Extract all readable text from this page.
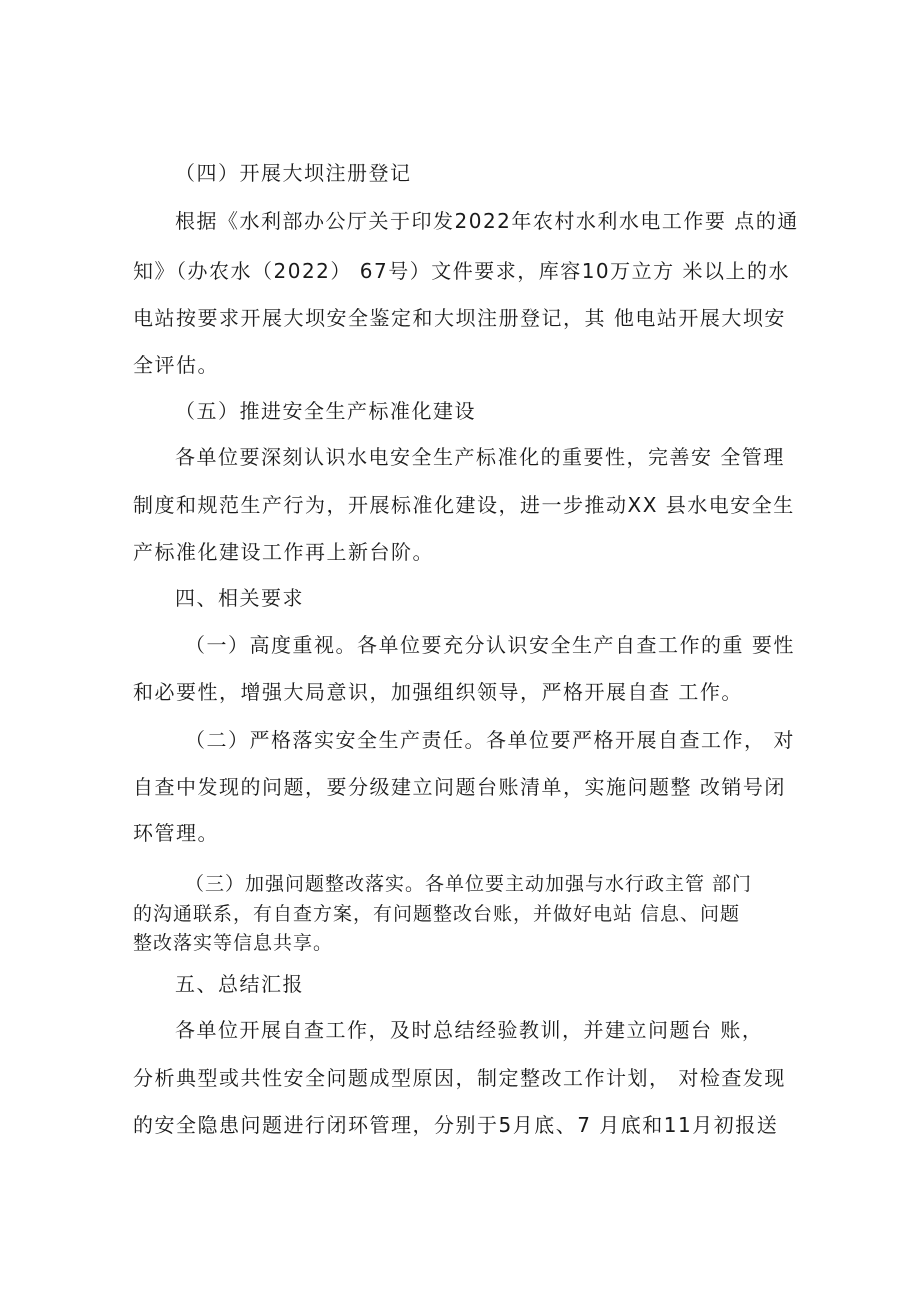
（四）开展大坝注册登记
根据《水利部办公厅关于印发2022年农村水利水电工作要 点的通
知》（办农水（2022） 67号）文件要求，库容10万立方 米以上的水
电站按要求开展大坝安全鉴定和大坝注册登记，其 他电站开展大坝安
全评估。
（五）推进安全生产标准化建设
各单位要深刻认识水电安全生产标准化的重要性，完善安 全管理
制度和规范生产行为，开展标准化建设，进一步推动XX 县水电安全生
产标准化建设工作再上新台阶。
四、相关要求
（一）高度重视。各单位要充分认识安全生产自查工作的重 要性
和必要性，增强大局意识，加强组织领导，严格开展自查 工作。
（二）严格落实安全生产责任。各单位要严格开展自查工作， 对
自查中发现的问题，要分级建立问题台账清单，实施问题整 改销号闭
环管理。
（三）加强问题整改落实。各单位要主动加强与水行政主管 部门
的沟通联系，有自查方案，有问题整改台账，并做好电站 信息、问题
整改落实等信息共享。
五、总结汇报
各单位开展自查工作，及时总结经验教训，并建立问题台 账，
分析典型或共性安全问题成型原因，制定整改工作计划， 对检查发现
的安全隐患问题进行闭环管理，分别于5月底、7 月底和11月初报送
